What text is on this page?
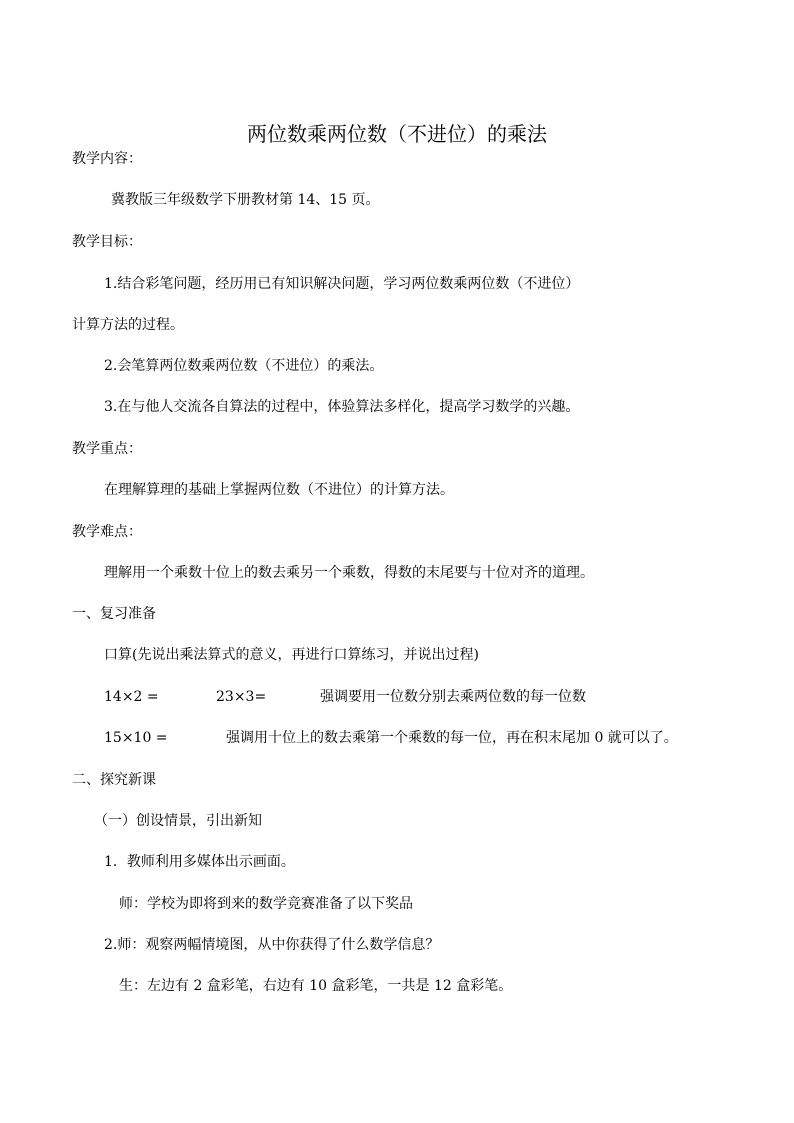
两位数乘两位数（不进位）的乘法
教学内容：
冀教版三年级数学下册教材第 14、15 页。
教学目标：
1.结合彩笔问题，经历用已有知识解决问题，学习两位数乘两位数（不进位）
计算方法的过程。
2.会笔算两位数乘两位数（不进位）的乘法。
3.在与他人交流各自算法的过程中，体验算法多样化，提高学习数学的兴趣。
教学重点：
在理解算理的基础上掌握两位数（不进位）的计算方法。
教学难点：
理解用一个乘数十位上的数去乘另一个乘数，得数的末尾要与十位对齐的道理。
一、复习准备
口算(先说出乘法算式的意义，再进行口算练习，并说出过程)
14×2 =	23×3=	强调要用一位数分别去乘两位数的每一位数
15×10 =	强调用十位上的数去乘第一个乘数的每一位，再在积末尾加 0 就可以了。
二、探究新课
（一）创设情景，引出新知
1．教师利用多媒体出示画面。
师：学校为即将到来的数学竞赛准备了以下奖品
2.师：观察两幅情境图，从中你获得了什么数学信息？
生：左边有 2 盒彩笔，右边有 10 盒彩笔，一共是 12 盒彩笔。
